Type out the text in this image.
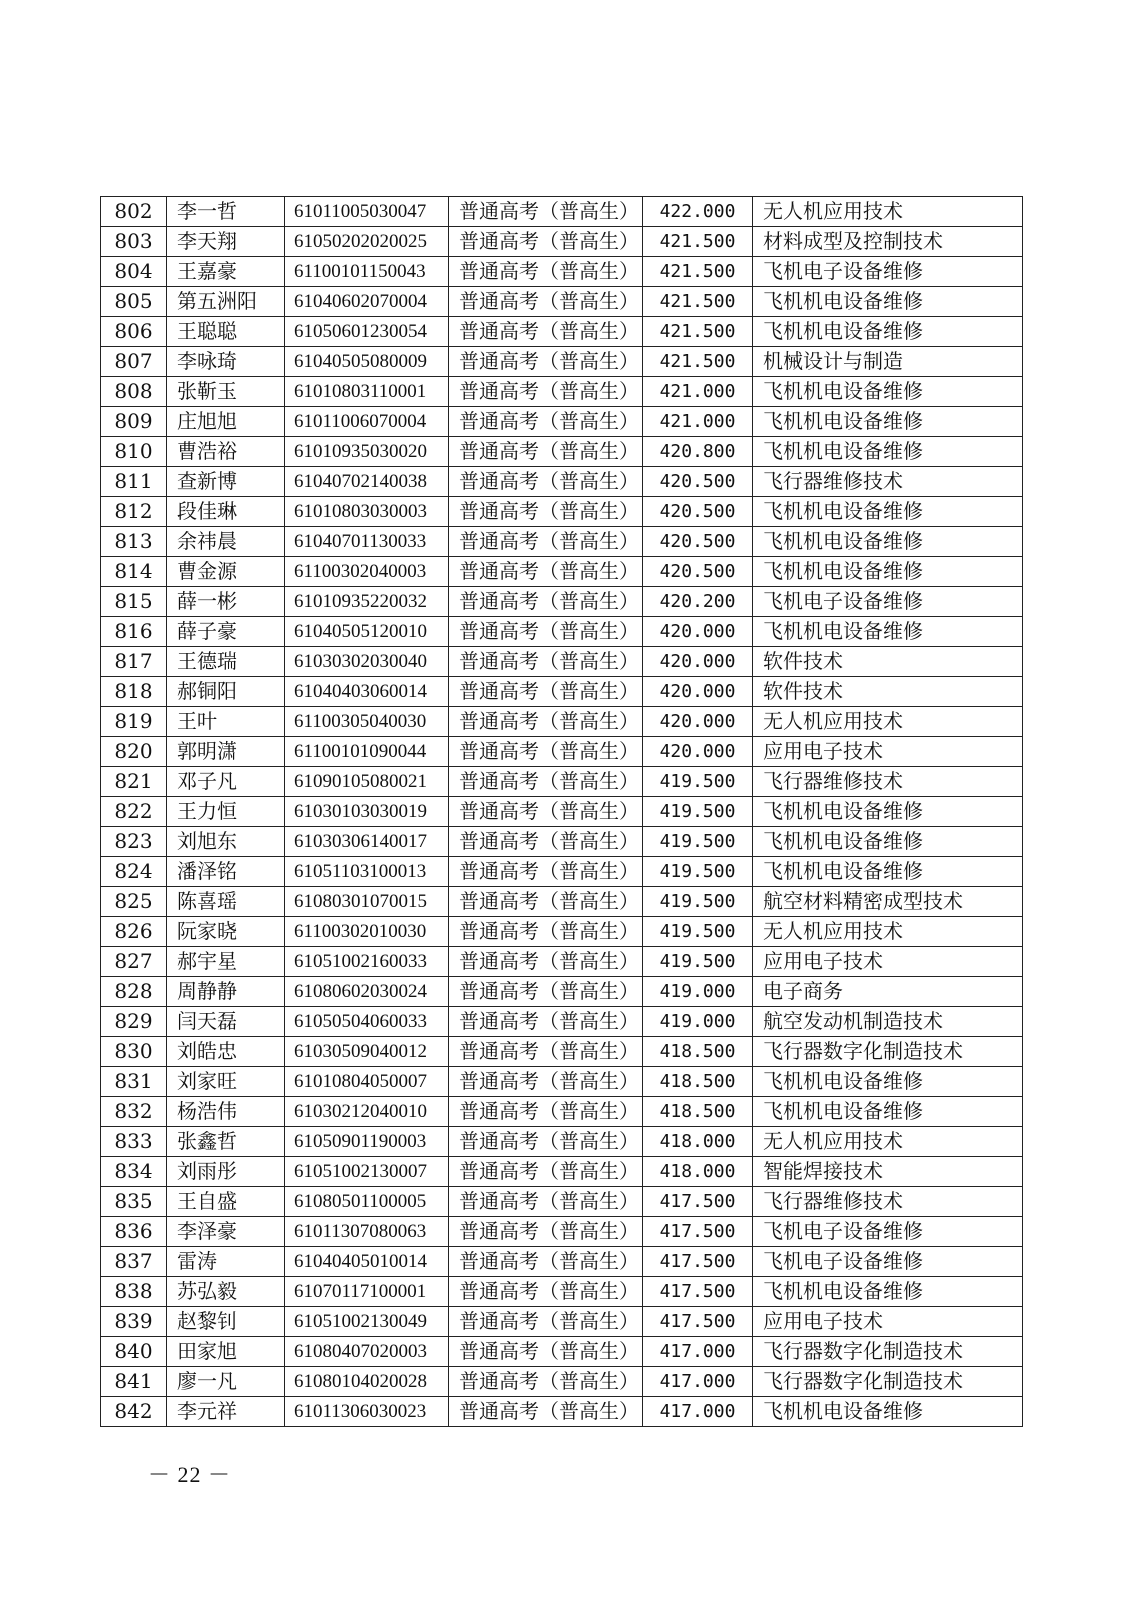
802	李一哲	61011005030047	普通高考（普高生）	422.000	无人机应用技术
803	李天翔	61050202020025	普通高考（普高生）	421.500	材料成型及控制技术
804	王嘉豪	61100101150043	普通高考（普高生）	421.500	飞机电子设备维修
805	第五洲阳	61040602070004	普通高考（普高生）	421.500	飞机机电设备维修
806	王聪聪	61050601230054	普通高考（普高生）	421.500	飞机机电设备维修
807	李咏琦	61040505080009	普通高考（普高生）	421.500	机械设计与制造
808	张靳玉	61010803110001	普通高考（普高生）	421.000	飞机机电设备维修
809	庄旭旭	61011006070004	普通高考（普高生）	421.000	飞机机电设备维修
810	曹浩裕	61010935030020	普通高考（普高生）	420.800	飞机机电设备维修
811	查新博	61040702140038	普通高考（普高生）	420.500	飞行器维修技术
812	段佳琳	61010803030003	普通高考（普高生）	420.500	飞机机电设备维修
813	余祎晨	61040701130033	普通高考（普高生）	420.500	飞机机电设备维修
814	曹金源	61100302040003	普通高考（普高生）	420.500	飞机机电设备维修
815	薛一彬	61010935220032	普通高考（普高生）	420.200	飞机电子设备维修
816	薛子豪	61040505120010	普通高考（普高生）	420.000	飞机机电设备维修
817	王德瑞	61030302030040	普通高考（普高生）	420.000	软件技术
818	郝铜阳	61040403060014	普通高考（普高生）	420.000	软件技术
819	王叶	61100305040030	普通高考（普高生）	420.000	无人机应用技术
820	郭明潇	61100101090044	普通高考（普高生）	420.000	应用电子技术
821	邓子凡	61090105080021	普通高考（普高生）	419.500	飞行器维修技术
822	王力恒	61030103030019	普通高考（普高生）	419.500	飞机机电设备维修
823	刘旭东	61030306140017	普通高考（普高生）	419.500	飞机机电设备维修
824	潘泽铭	61051103100013	普通高考（普高生）	419.500	飞机机电设备维修
825	陈喜瑶	61080301070015	普通高考（普高生）	419.500	航空材料精密成型技术
826	阮家晓	61100302010030	普通高考（普高生）	419.500	无人机应用技术
827	郝宇星	61051002160033	普通高考（普高生）	419.500	应用电子技术
828	周静静	61080602030024	普通高考（普高生）	419.000	电子商务
829	闫天磊	61050504060033	普通高考（普高生）	419.000	航空发动机制造技术
830	刘皓忠	61030509040012	普通高考（普高生）	418.500	飞行器数字化制造技术
831	刘家旺	61010804050007	普通高考（普高生）	418.500	飞机机电设备维修
832	杨浩伟	61030212040010	普通高考（普高生）	418.500	飞机机电设备维修
833	张鑫哲	61050901190003	普通高考（普高生）	418.000	无人机应用技术
834	刘雨彤	61051002130007	普通高考（普高生）	418.000	智能焊接技术
835	王自盛	61080501100005	普通高考（普高生）	417.500	飞行器维修技术
836	李泽豪	61011307080063	普通高考（普高生）	417.500	飞机电子设备维修
837	雷涛	61040405010014	普通高考（普高生）	417.500	飞机电子设备维修
838	苏弘毅	61070117100001	普通高考（普高生）	417.500	飞机机电设备维修
839	赵黎钊	61051002130049	普通高考（普高生）	417.500	应用电子技术
840	田家旭	61080407020003	普通高考（普高生）	417.000	飞行器数字化制造技术
841	廖一凡	61080104020028	普通高考（普高生）	417.000	飞行器数字化制造技术
842	李元祥	61011306030023	普通高考（普高生）	417.000	飞机机电设备维修
－ 22 －
